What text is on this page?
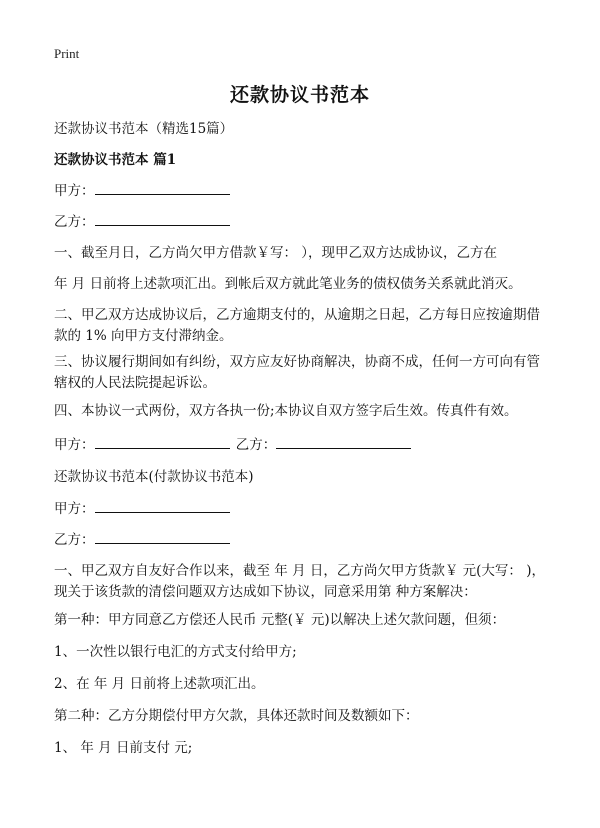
Print
还款协议书范本
还款协议书范本（精选15篇）
还款协议书范本 篇1
甲方：
乙方：
一、截至月日，乙方尚欠甲方借款￥写： ），现甲乙双方达成协议，乙方在
年 月 日前将上述款项汇出。到帐后双方就此笔业务的债权债务关系就此消灭。
二、甲乙双方达成协议后，乙方逾期支付的，从逾期之日起，乙方每日应按逾期借款的 1% 向甲方支付滞纳金。
三、协议履行期间如有纠纷，双方应友好协商解决，协商不成，任何一方可向有管辖权的人民法院提起诉讼。
四、本协议一式两份，双方各执一份;本协议自双方签字后生效。传真件有效。
甲方：	乙方：
还款协议书范本(付款协议书范本)
甲方：
乙方：
一、甲乙双方自友好合作以来，截至 年 月 日，乙方尚欠甲方货款￥ 元(大写： )，现关于该货款的清偿问题双方达成如下协议，同意采用第 种方案解决：
第一种：甲方同意乙方偿还人民币 元整(￥ 元)以解决上述欠款问题，但须：
1、一次性以银行电汇的方式支付给甲方;
2、在 年 月 日前将上述款项汇出。
第二种：乙方分期偿付甲方欠款，具体还款时间及数额如下：
1、 年 月 日前支付 元;
